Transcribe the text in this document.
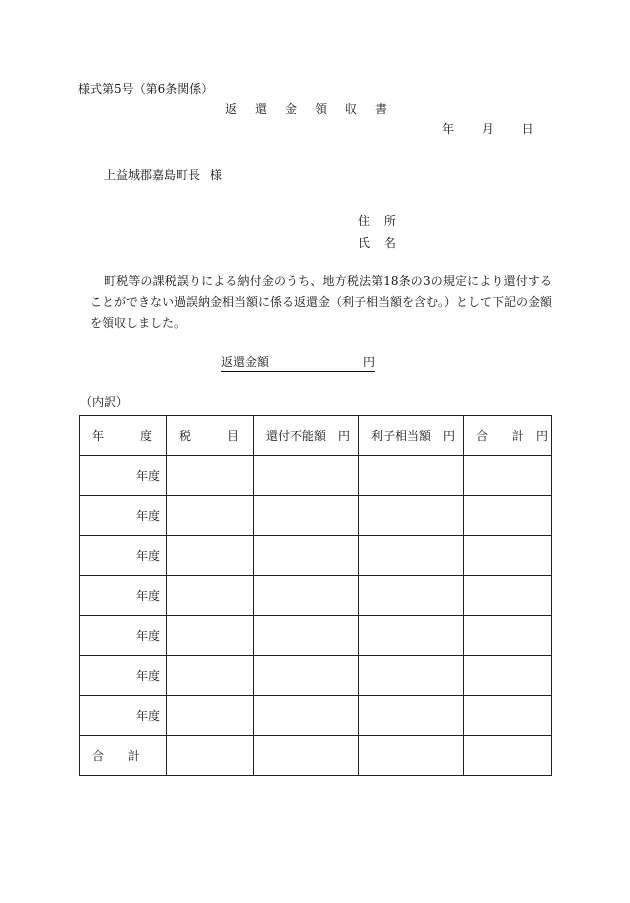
様式第5号（第6条関係）
返還金領収書
年 月 日
上益城郡嘉島町長 様
住 所
氏 名

町税等の課税誤りによる納付金のうち、地方税法第18条の3の規定により還付することができない過誤納金相当額に係る返還金（利子相当額を含む。）として下記の金額を領収しました。

返還金額	円
（内訳）
年　　　度	税　　　目	還付不能額　円	利子相当額　円	合　　計　円
年度				
年度				
年度				
年度				
年度				
年度				
年度				
合　　計				
